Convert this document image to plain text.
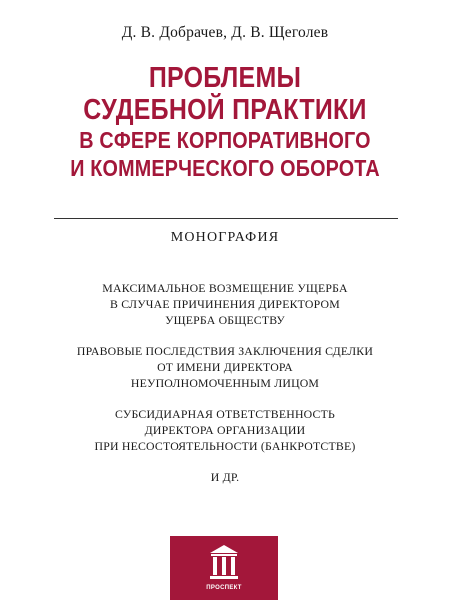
Д. В. Добрачев, Д. В. Щеголев
ПРОБЛЕМЫ
СУДЕБНОЙ ПРАКТИКИ
В СФЕРЕ КОРПОРАТИВНОГО
И КОММЕРЧЕСКОГО ОБОРОТА
МОНОГРАФИЯ
МАКСИМАЛЬНОЕ ВОЗМЕЩЕНИЕ УЩЕРБА
В СЛУЧАЕ ПРИЧИНЕНИЯ ДИРЕКТОРОМ
УЩЕРБА ОБЩЕСТВУ
ПРАВОВЫЕ ПОСЛЕДСТВИЯ ЗАКЛЮЧЕНИЯ СДЕЛКИ
ОТ ИМЕНИ ДИРЕКТОРА
НЕУПОЛНОМОЧЕННЫМ ЛИЦОМ
СУБСИДИАРНАЯ ОТВЕТСТВЕННОСТЬ
ДИРЕКТОРА ОРГАНИЗАЦИИ
ПРИ НЕСОСТОЯТЕЛЬНОСТИ (БАНКРОТСТВЕ)
И ДР.
ПРОСПЕКТ
